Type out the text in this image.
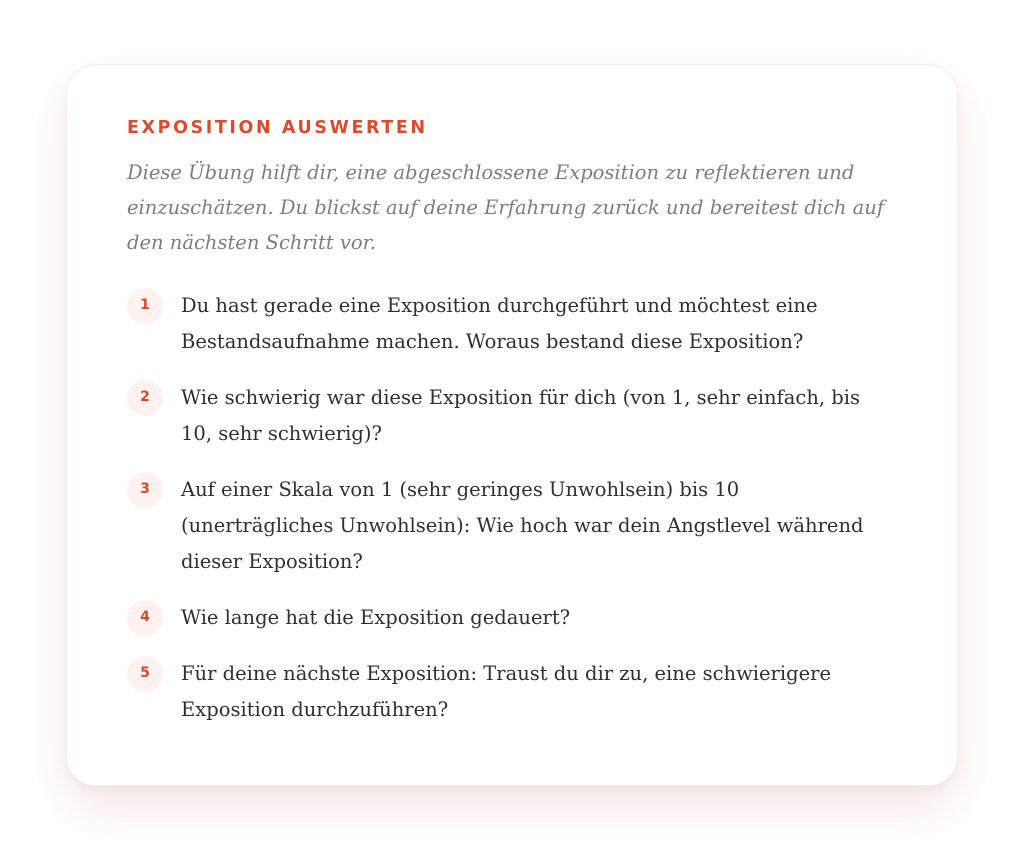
EXPOSITION AUSWERTEN
Diese Übung hilft dir, eine abgeschlossene Exposition zu reflektieren und einzuschätzen. Du blickst auf deine Erfahrung zurück und bereitest dich auf den nächsten Schritt vor.
1	Du hast gerade eine Exposition durchgeführt und möchtest eine Bestandsaufnahme machen. Woraus bestand diese Exposition?
2	Wie schwierig war diese Exposition für dich (von 1, sehr einfach, bis 10, sehr schwierig)?
3	Auf einer Skala von 1 (sehr geringes Unwohlsein) bis 10 (unerträgliches Unwohlsein): Wie hoch war dein Angstlevel während dieser Exposition?
4	Wie lange hat die Exposition gedauert?
5	Für deine nächste Exposition: Traust du dir zu, eine schwierigere Exposition durchzuführen?
